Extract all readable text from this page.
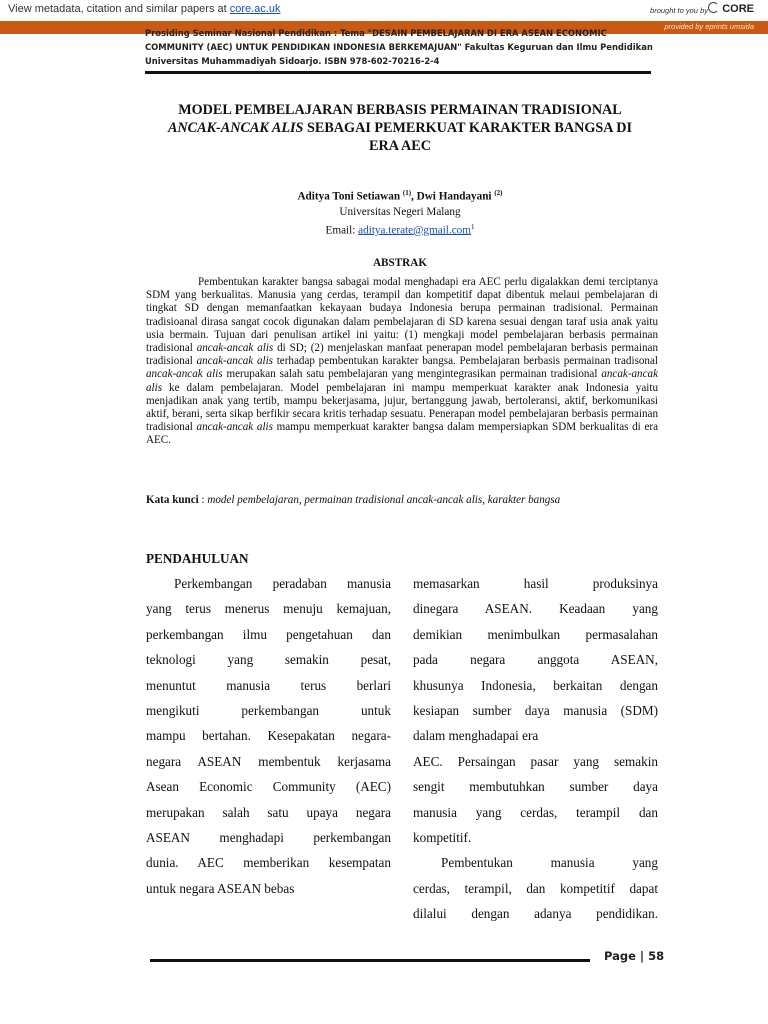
View metadata, citation and similar papers at core.ac.uk	brought to you by	CORE
provided by eprints umsida
Prosiding Seminar Nasional Pendidikan : Tema "DESAIN PEMBELAJARAN DI ERA ASEAN ECONOMIC
COMMUNITY (AEC) UNTUK PENDIDIKAN INDONESIA BERKEMAJUAN" Fakultas Keguruan dan Ilmu Pendidikan
Universitas Muhammadiyah Sidoarjo. ISBN 978-602-70216-2-4
MODEL PEMBELAJARAN BERBASIS PERMAINAN TRADISIONAL
ANCAK-ANCAK ALIS SEBAGAI PEMERKUAT KARAKTER BANGSA DI
ERA AEC
Aditya Toni Setiawan $^{(1)}$, Dwi Handayani $^{(2)}$
Universitas Negeri Malang
Email: aditya.terate@gmail.com$^1$
ABSTRAK

Pembentukan karakter bangsa sabagai modal menghadapi era AEC perlu digalakkan demi terciptanya SDM yang berkualitas. Manusia yang cerdas, terampil dan kompetitif dapat dibentuk melaui pembelajaran di tingkat SD dengan memanfaatkan kekayaan budaya Indonesia berupa permainan tradisional. Permainan tradisioanal dirasa sangat cocok digunakan dalam pembelajaran di SD karena sesuai dengan taraf usia anak yaitu usia bermain. Tujuan dari penulisan artikel ini yaitu: (1) mengkaji model pembelajaran berbasis permainan tradisional ancak-ancak alis di SD; (2) menjelaskan manfaat penerapan model pembelajaran berbasis permainan tradisional ancak-ancak alis terhadap pembentukan karakter bangsa. Pembelajaran berbasis permainan tradisonal ancak-ancak alis merupakan salah satu pembelajaran yang mengintegrasikan permainan tradisional ancak-ancak alis ke dalam pembelajaran. Model pembelajaran ini mampu memperkuat karakter anak Indonesia yaitu menjadikan anak yang tertib, mampu bekerjasama, jujur, bertanggung jawab, bertoleransi, aktif, berkomunikasi aktif, berani, serta sikap berfikir secara kritis terhadap sesuatu. Penerapan model pembelajaran berbasis permainan tradisional ancak-ancak alis mampu memperkuat karakter bangsa dalam mempersiapkan SDM berkualitas di era AEC.

Kata kunci : model pembelajaran, permainan tradisional ancak-ancak alis, karakter bangsa

PENDAHULUAN

Perkembangan peradaban manusia

yang terus menerus menuju kemajuan,

perkembangan ilmu pengetahuan dan

teknologi yang semakin pesat,

menuntut manusia terus berlari

mengikuti perkembangan untuk

mampu bertahan. Kesepakatan negara-

negara ASEAN membentuk kerjasama

Asean Economic Community (AEC)

merupakan salah satu upaya negara

ASEAN menghadapi perkembangan

dunia. AEC memberikan kesempatan

untuk negara ASEAN bebas

memasarkan hasil produksinya

dinegara ASEAN. Keadaan yang

demikian menimbulkan permasalahan

pada negara anggota ASEAN,

khusunya Indonesia, berkaitan dengan

kesiapan sumber daya manusia (SDM)

dalam menghadapai era

AEC. Persaingan pasar yang semakin

sengit membutuhkan sumber daya

manusia yang cerdas, terampil dan

kompetitif.

Pembentukan manusia yang

cerdas, terampil, dan kompetitif dapat

dilalui dengan adanya pendidikan.

Page | 58
